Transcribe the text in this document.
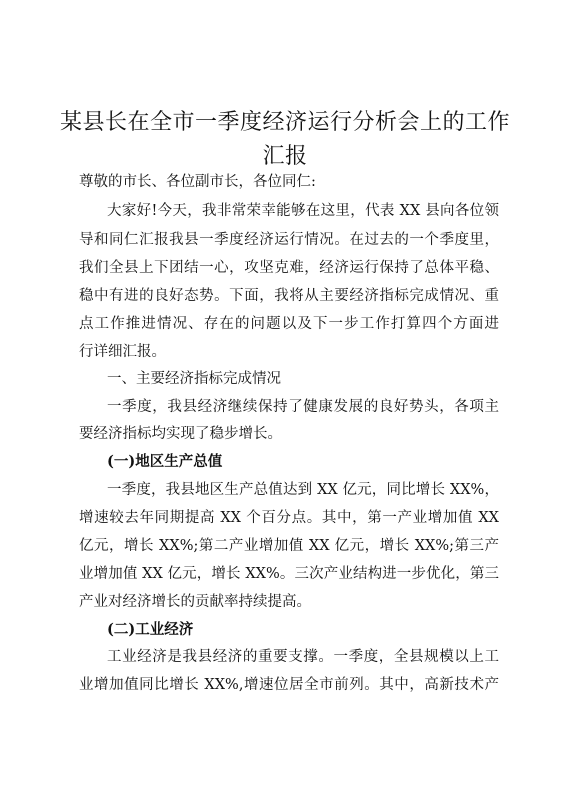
某县长在全市一季度经济运行分析会上的工作
汇报
尊敬的市长、各位副市长，各位同仁:
大家好!今天，我非常荣幸能够在这里，代表 XX 县向各位领
导和同仁汇报我县一季度经济运行情况。在过去的一个季度里，
我们全县上下团结一心，攻坚克难，经济运行保持了总体平稳、
稳中有进的良好态势。下面，我将从主要经济指标完成情况、重
点工作推进情况、存在的问题以及下一步工作打算四个方面进
行详细汇报。
一、主要经济指标完成情况
一季度，我县经济继续保持了健康发展的良好势头，各项主
要经济指标均实现了稳步增长。
(一)地区生产总值
一季度，我县地区生产总值达到 XX 亿元，同比增长 XX%，
增速较去年同期提高 XX 个百分点。其中，第一产业增加值 XX
亿元，增长 XX%;第二产业增加值 XX 亿元，增长 XX%;第三产
业增加值 XX 亿元，增长 XX%。三次产业结构进一步优化，第三
产业对经济增长的贡献率持续提高。
(二)工业经济
工业经济是我县经济的重要支撑。一季度，全县规模以上工
业增加值同比增长 XX%,增速位居全市前列。其中，高新技术产
